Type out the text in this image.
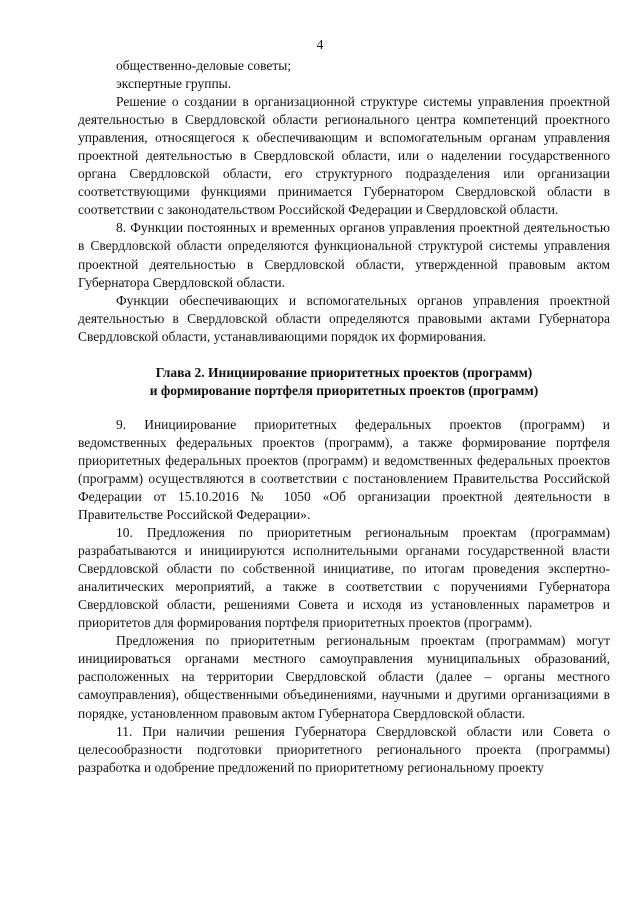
4

общественно-деловые советы;

экспертные группы.

Решение о создании в организационной структуре системы управления проектной деятельностью в Свердловской области регионального центра компетенций проектного управления, относящегося к обеспечивающим и вспомогательным органам управления проектной деятельностью в Свердловской области, или о наделении государственного органа Свердловской области, его структурного подразделения или организации соответствующими функциями принимается Губернатором Свердловской области в соответствии с законодательством Российской Федерации и Свердловской области.

8. Функции постоянных и временных органов управления проектной деятельностью в Свердловской области определяются функциональной структурой системы управления проектной деятельностью в Свердловской области, утвержденной правовым актом Губернатора Свердловской области.

Функции обеспечивающих и вспомогательных органов управления проектной деятельностью в Свердловской области определяются правовыми актами Губернатора Свердловской области, устанавливающими порядок их формирования.

Глава 2. Инициирование приоритетных проектов (программ)
и формирование портфеля приоритетных проектов (программ)

9. Инициирование приоритетных федеральных проектов (программ) и ведомственных федеральных проектов (программ), а также формирование портфеля приоритетных федеральных проектов (программ) и ведомственных федеральных проектов (программ) осуществляются в соответствии с постановлением Правительства Российской Федерации от 15.10.2016 № 1050 «Об организации проектной деятельности в Правительстве Российской Федерации».

10. Предложения по приоритетным региональным проектам (программам) разрабатываются и инициируются исполнительными органами государственной власти Свердловской области по собственной инициативе, по итогам проведения экспертно-аналитических мероприятий, а также в соответствии с поручениями Губернатора Свердловской области, решениями Совета и исходя из установленных параметров и приоритетов для формирования портфеля приоритетных проектов (программ).

Предложения по приоритетным региональным проектам (программам) могут инициироваться органами местного самоуправления муниципальных образований, расположенных на территории Свердловской области (далее – органы местного самоуправления), общественными объединениями, научными и другими организациями в порядке, установленном правовым актом Губернатора Свердловской области.

11. При наличии решения Губернатора Свердловской области или Совета о целесообразности подготовки приоритетного регионального проекта (программы) разработка и одобрение предложений по приоритетному региональному проекту
